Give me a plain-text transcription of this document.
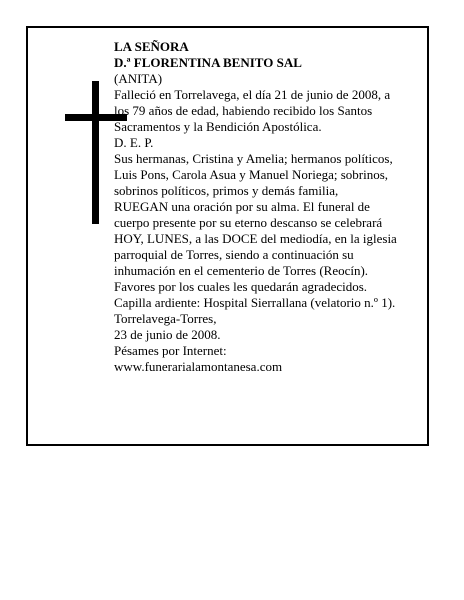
LA SEÑORA
D.ª FLORENTINA BENITO SAL
(ANITA)
Falleció en Torrelavega, el día 21 de junio de 2008, a
los 79 años de edad, habiendo recibido los Santos
Sacramentos y la Bendición Apostólica.
D. E. P.
Sus hermanas, Cristina y Amelia; hermanos políticos,
Luis Pons, Carola Asua y Manuel Noriega; sobrinos,
sobrinos políticos, primos y demás familia,
RUEGAN una oración por su alma. El funeral de
cuerpo presente por su eterno descanso se celebrará
HOY, LUNES, a las DOCE del mediodía, en la iglesia
parroquial de Torres, siendo a continuación su
inhumación en el cementerio de Torres (Reocín).
Favores por los cuales les quedarán agradecidos.
Capilla ardiente: Hospital Sierrallana (velatorio n.º 1).
Torrelavega-Torres,
23 de junio de 2008.
Pésames por Internet:
www.funerarialamontanesa.com
